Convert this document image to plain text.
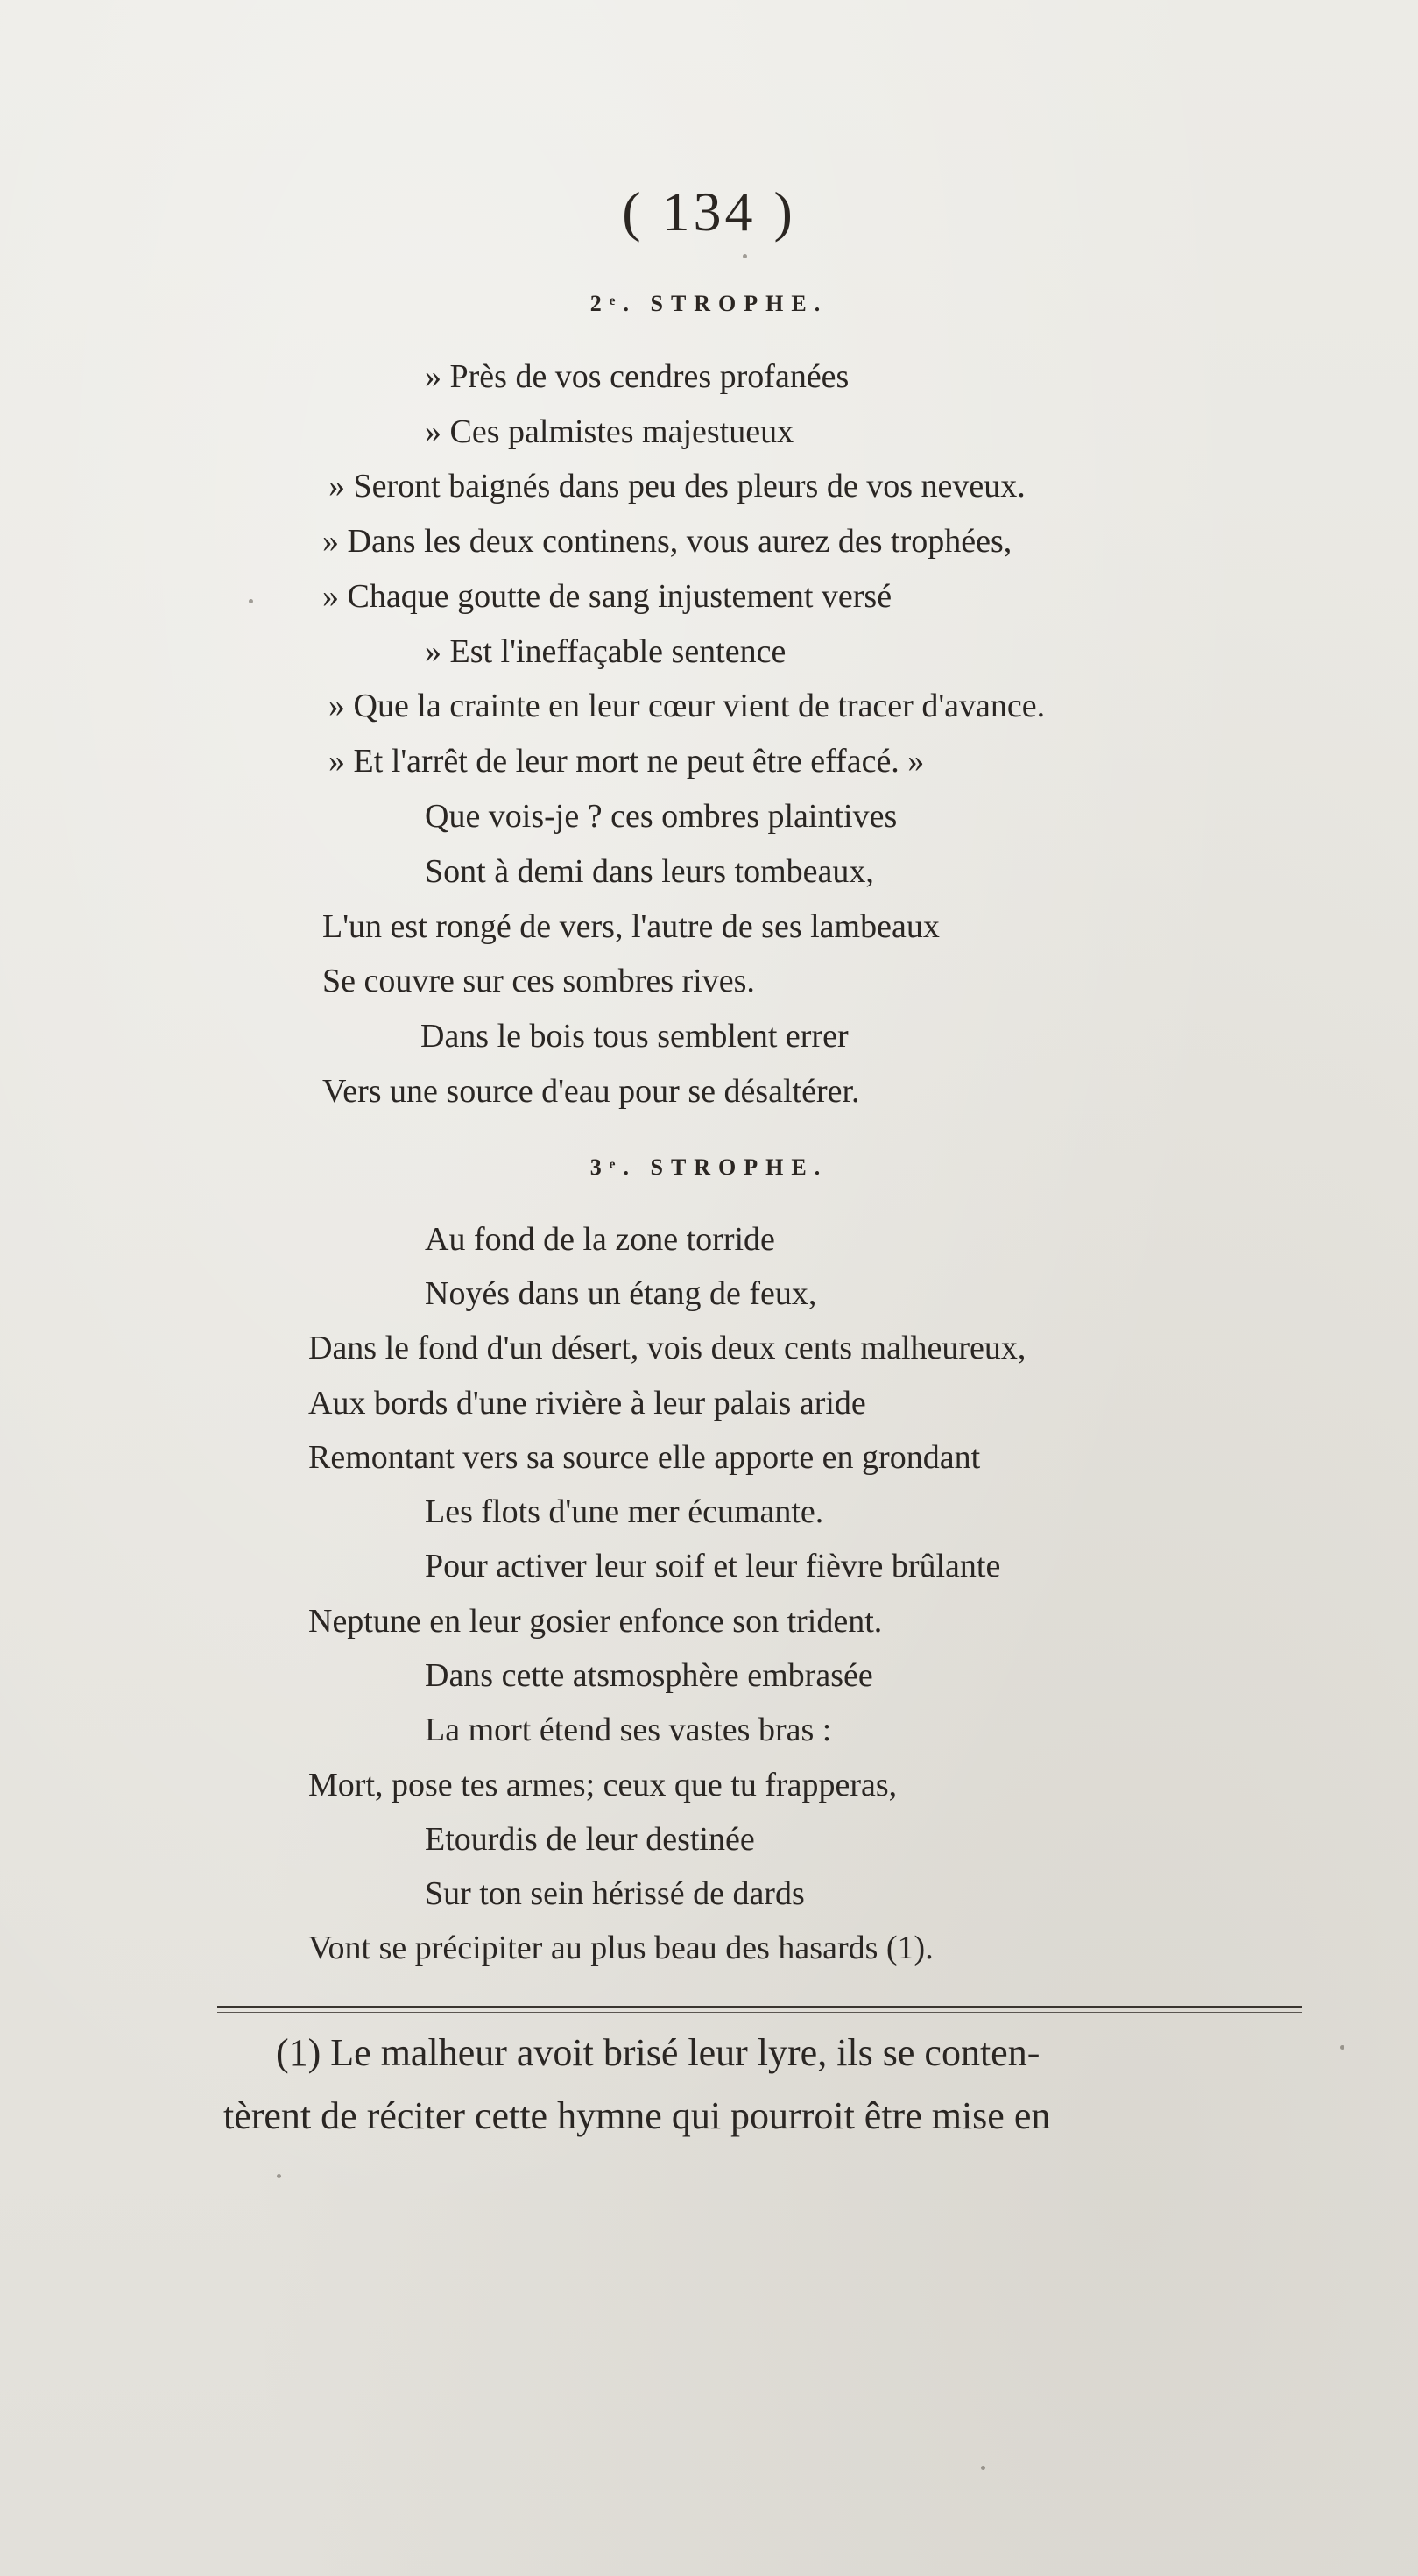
( 134 )
2ᵉ. STROPHE.
» Près de vos cendres profanées
» Ces palmistes majestueux
» Seront baignés dans peu des pleurs de vos neveux.
» Dans les deux continens, vous aurez des trophées,
» Chaque goutte de sang injustement versé
» Est l'ineffaçable sentence
» Que la crainte en leur cœur vient de tracer d'avance.
» Et l'arrêt de leur mort ne peut être effacé. »
Que vois-je ? ces ombres plaintives
Sont à demi dans leurs tombeaux,
L'un est rongé de vers, l'autre de ses lambeaux
Se couvre sur ces sombres rives.
Dans le bois tous semblent errer
Vers une source d'eau pour se désaltérer.
3ᵉ. STROPHE.
Au fond de la zone torride
Noyés dans un étang de feux,
Dans le fond d'un désert, vois deux cents malheureux,
Aux bords d'une rivière à leur palais aride
Remontant vers sa source elle apporte en grondant
Les flots d'une mer écumante.
Pour activer leur soif et leur fièvre brûlante
Neptune en leur gosier enfonce son trident.
Dans cette atsmosphère embrasée
La mort étend ses vastes bras :
Mort, pose tes armes; ceux que tu frapperas,
Etourdis de leur destinée
Sur ton sein hérissé de dards
Vont se précipiter au plus beau des hasards (1).
(1) Le malheur avoit brisé leur lyre, ils se conten-
tèrent de réciter cette hymne qui pourroit être mise en
